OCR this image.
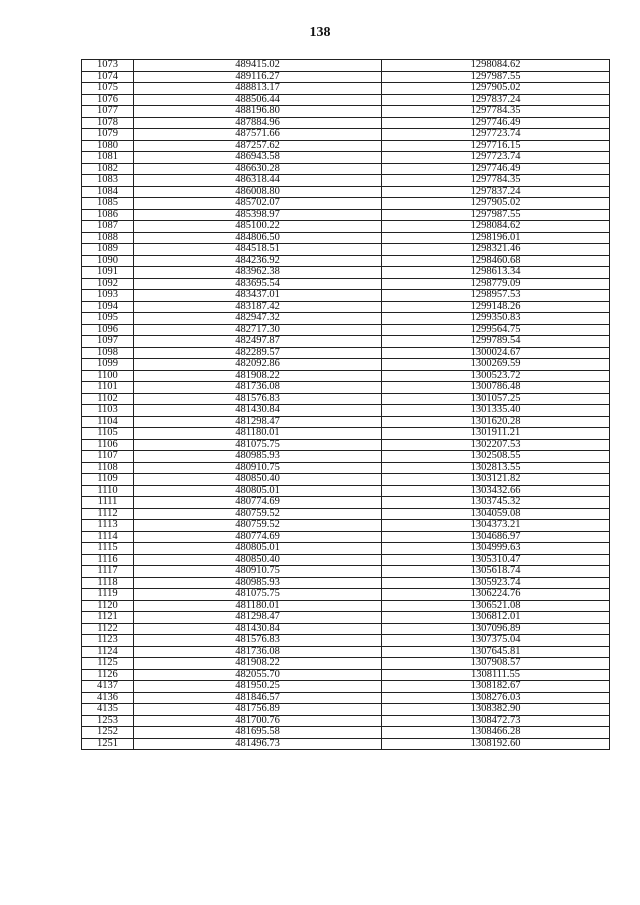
138
1073	489415.02	1298084.62
1074	489116.27	1297987.55
1075	488813.17	1297905.02
1076	488506.44	1297837.24
1077	488196.80	1297784.35
1078	487884.96	1297746.49
1079	487571.66	1297723.74
1080	487257.62	1297716.15
1081	486943.58	1297723.74
1082	486630.28	1297746.49
1083	486318.44	1297784.35
1084	486008.80	1297837.24
1085	485702.07	1297905.02
1086	485398.97	1297987.55
1087	485100.22	1298084.62
1088	484806.50	1298196.01
1089	484518.51	1298321.46
1090	484236.92	1298460.68
1091	483962.38	1298613.34
1092	483695.54	1298779.09
1093	483437.01	1298957.53
1094	483187.42	1299148.26
1095	482947.32	1299350.83
1096	482717.30	1299564.75
1097	482497.87	1299789.54
1098	482289.57	1300024.67
1099	482092.86	1300269.59
1100	481908.22	1300523.72
1101	481736.08	1300786.48
1102	481576.83	1301057.25
1103	481430.84	1301335.40
1104	481298.47	1301620.28
1105	481180.01	1301911.21
1106	481075.75	1302207.53
1107	480985.93	1302508.55
1108	480910.75	1302813.55
1109	480850.40	1303121.82
1110	480805.01	1303432.66
1111	480774.69	1303745.32
1112	480759.52	1304059.08
1113	480759.52	1304373.21
1114	480774.69	1304686.97
1115	480805.01	1304999.63
1116	480850.40	1305310.47
1117	480910.75	1305618.74
1118	480985.93	1305923.74
1119	481075.75	1306224.76
1120	481180.01	1306521.08
1121	481298.47	1306812.01
1122	481430.84	1307096.89
1123	481576.83	1307375.04
1124	481736.08	1307645.81
1125	481908.22	1307908.57
1126	482055.70	1308111.55
4137	481950.25	1308182.67
4136	481846.57	1308276.03
4135	481756.89	1308382.90
1253	481700.76	1308472.73
1252	481695.58	1308466.28
1251	481496.73	1308192.60
